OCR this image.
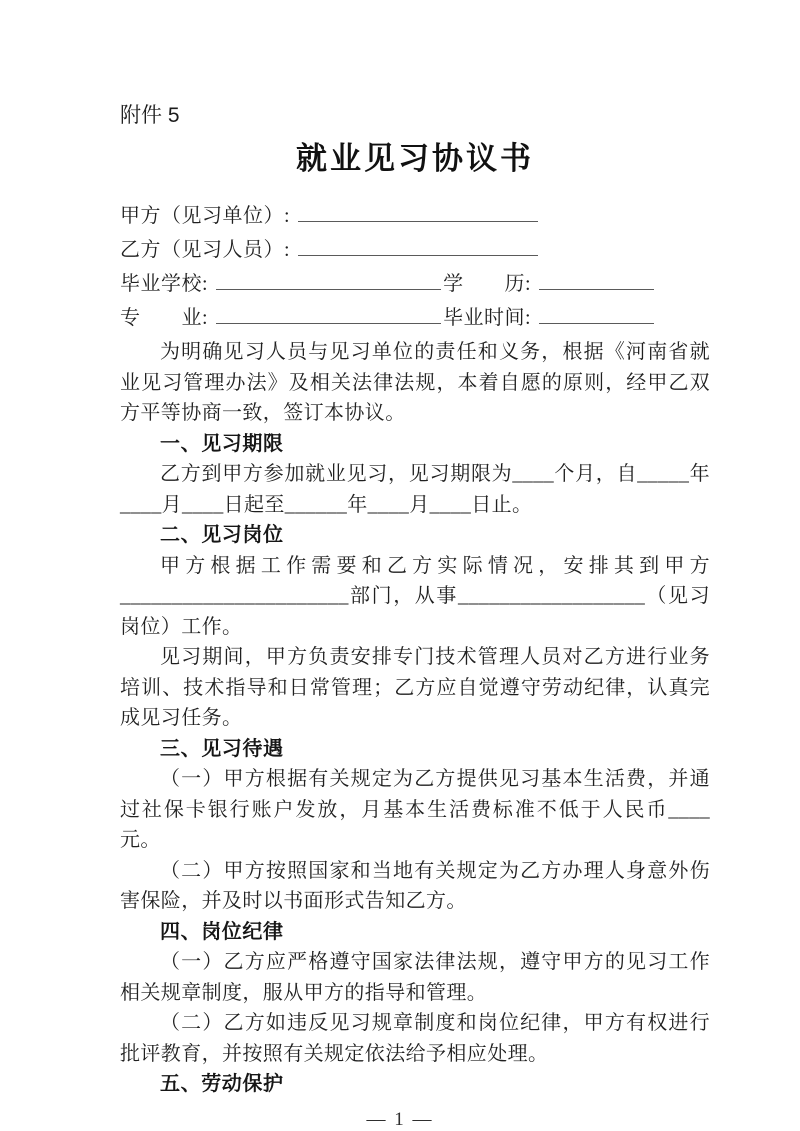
附件 5
就业见习协议书
甲方（见习单位）:
乙方（见习人员）:
毕业学校:	学　　历:
专　　业:	毕业时间:

为明确见习人员与见习单位的责任和义务，根据《河南省就业见习管理办法》及相关法律法规，本着自愿的原则，经甲乙双方平等协商一致，签订本协议。

一、见习期限

乙方到甲方参加就业见习，见习期限为____个月，自_____年____月____日起至______年____月____日止。

二、见习岗位

甲方根据工作需要和乙方实际情况，安排其到甲方______________________部门，从事__________________（见习岗位）工作。

见习期间，甲方负责安排专门技术管理人员对乙方进行业务培训、技术指导和日常管理；乙方应自觉遵守劳动纪律，认真完成见习任务。

三、见习待遇

（一）甲方根据有关规定为乙方提供见习基本生活费，并通过社保卡银行账户发放，月基本生活费标准不低于人民币____元。

（二）甲方按照国家和当地有关规定为乙方办理人身意外伤害保险，并及时以书面形式告知乙方。

四、岗位纪律

（一）乙方应严格遵守国家法律法规，遵守甲方的见习工作相关规章制度，服从甲方的指导和管理。

（二）乙方如违反见习规章制度和岗位纪律，甲方有权进行批评教育，并按照有关规定依法给予相应处理。

五、劳动保护

— 1 —
